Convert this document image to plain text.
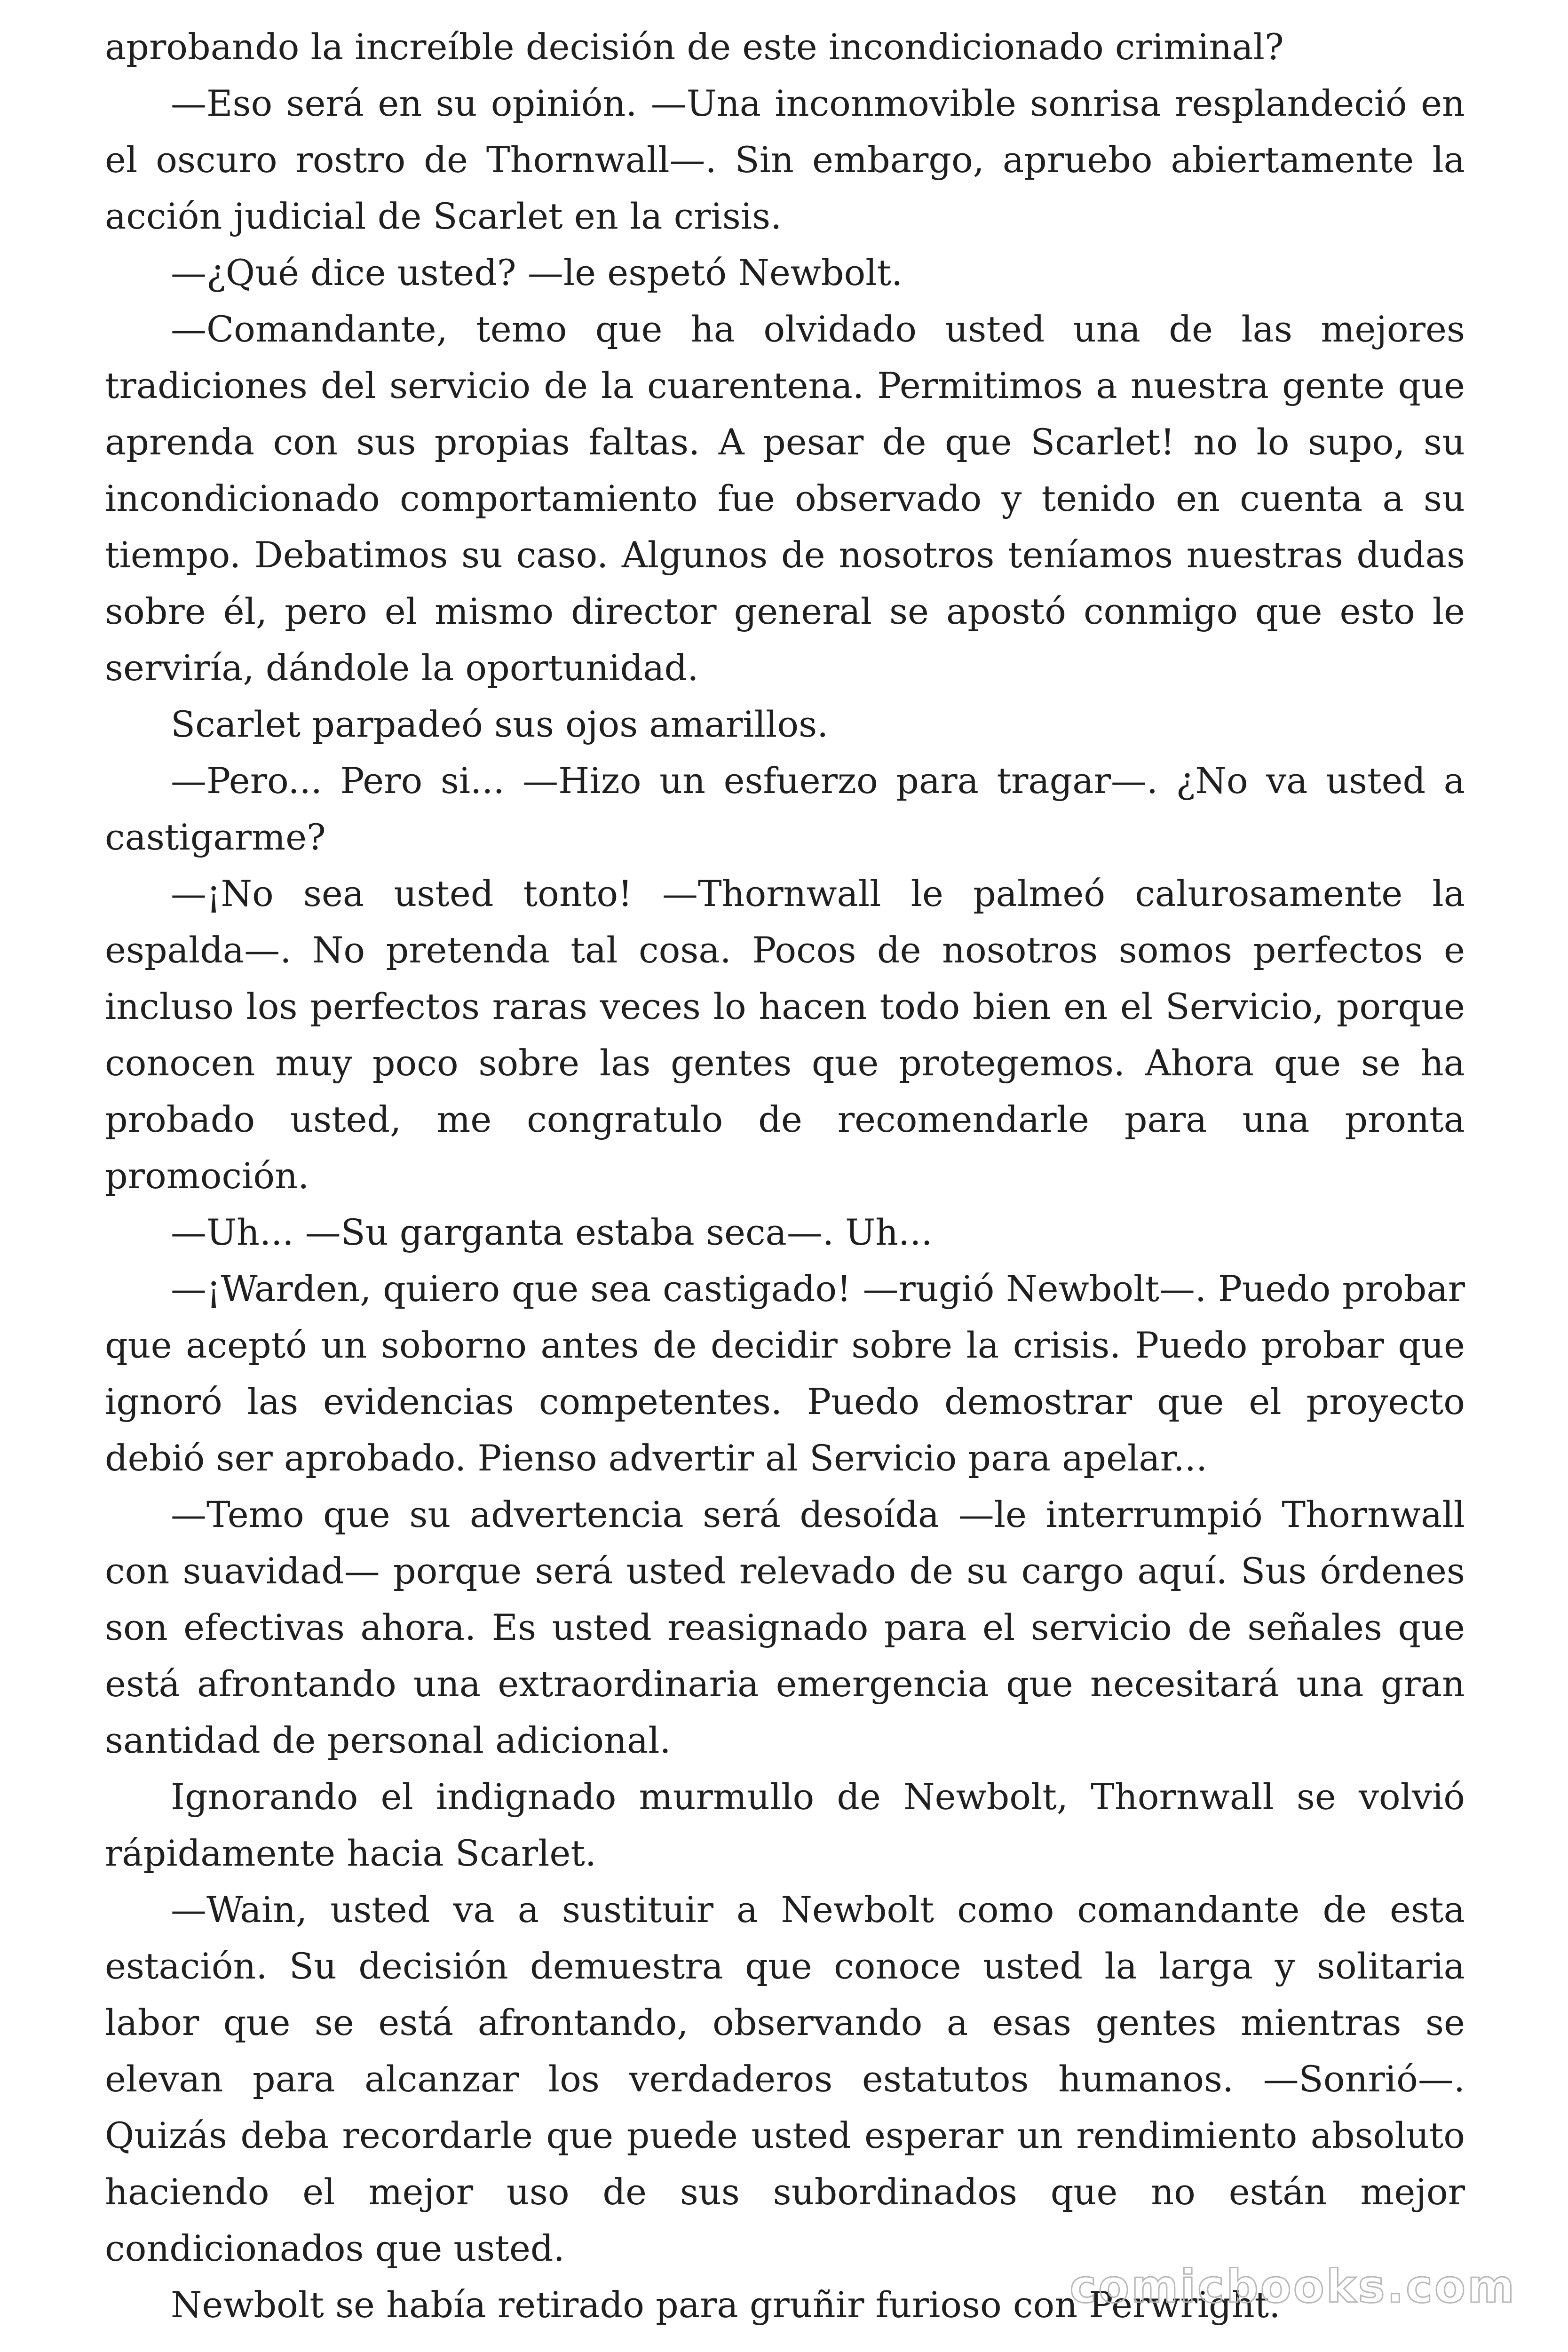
aprobando la increíble decisión de este incondicionado criminal?

—Eso será en su opinión. —Una inconmovible sonrisa resplandeció en el oscuro rostro de Thornwall—. Sin embargo, apruebo abiertamente la acción judicial de Scarlet en la crisis.

—¿Qué dice usted? —le espetó Newbolt.

—Comandante, temo que ha olvidado usted una de las mejores tradiciones del servicio de la cuarentena. Permitimos a nuestra gente que aprenda con sus propias faltas. A pesar de que Scarlet! no lo supo, su incondicionado comportamiento fue observado y tenido en cuenta a su tiempo. Debatimos su caso. Algunos de nosotros teníamos nuestras dudas sobre él, pero el mismo director general se apostó conmigo que esto le serviría, dándole la oportunidad.

Scarlet parpadeó sus ojos amarillos.

—Pero... Pero si... —Hizo un esfuerzo para tragar—. ¿No va usted a castigarme?

—¡No sea usted tonto! —Thornwall le palmeó calurosamente la espalda—. No pretenda tal cosa. Pocos de nosotros somos perfectos e incluso los perfectos raras veces lo hacen todo bien en el Servicio, porque conocen muy poco sobre las gentes que protegemos. Ahora que se ha probado usted, me congratulo de recomendarle para una pronta promoción.

—Uh... —Su garganta estaba seca—. Uh...

—¡Warden, quiero que sea castigado! —rugió Newbolt—. Puedo probar que aceptó un soborno antes de decidir sobre la crisis. Puedo probar que ignoró las evidencias competentes. Puedo demostrar que el proyecto debió ser aprobado. Pienso advertir al Servicio para apelar...

—Temo que su advertencia será desoída —le interrumpió Thornwall con suavidad— porque será usted relevado de su cargo aquí. Sus órdenes son efectivas ahora. Es usted reasignado para el servicio de señales que está afrontando una extraordinaria emergencia que necesitará una gran santidad de personal adicional.

Ignorando el indignado murmullo de Newbolt, Thornwall se volvió rápidamente hacia Scarlet.

—Wain, usted va a sustituir a Newbolt como comandante de esta estación. Su decisión demuestra que conoce usted la larga y solitaria labor que se está afrontando, observando a esas gentes mientras se elevan para alcanzar los verdaderos estatutos humanos. —Sonrió—. Quizás deba recordarle que puede usted esperar un rendimiento absoluto haciendo el mejor uso de sus subordinados que no están mejor condicionados que usted.

Newbolt se había retirado para gruñir furioso con Perwright.

comicbooks.com
